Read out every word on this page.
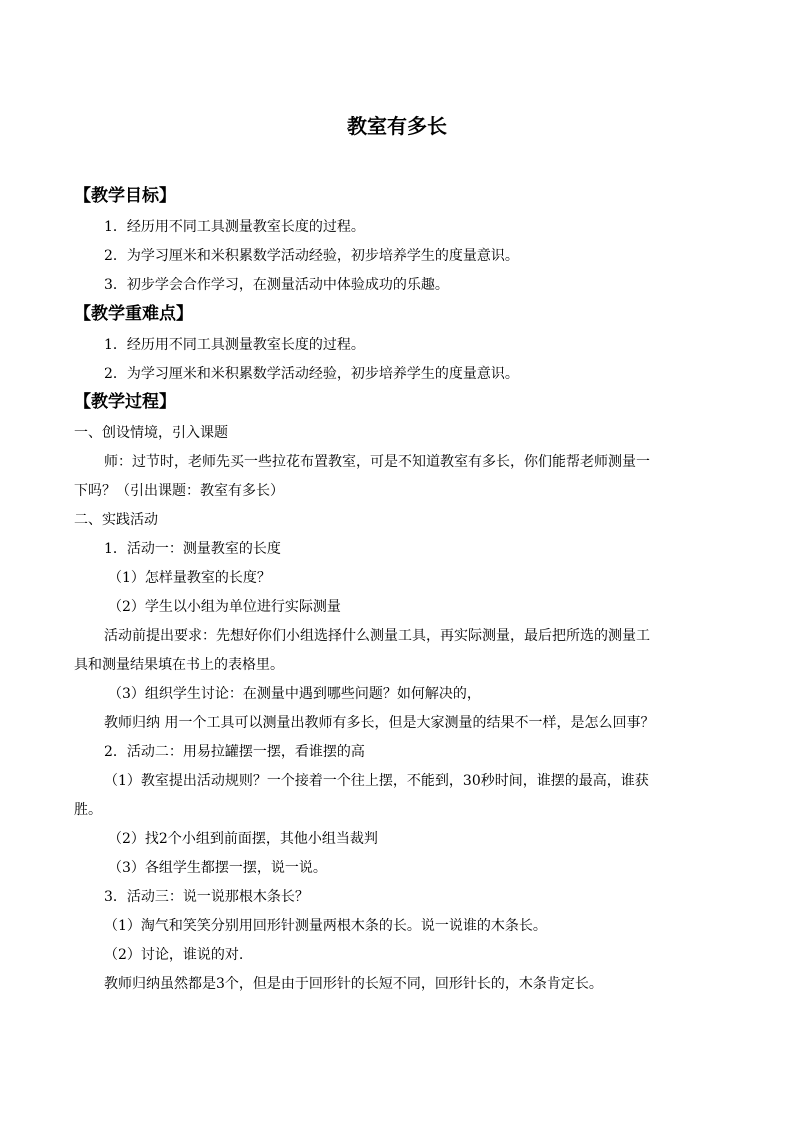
教室有多长
【教学目标】
1．经历用不同工具测量教室长度的过程。
2．为学习厘米和米积累数学活动经验，初步培养学生的度量意识。
3．初步学会合作学习，在测量活动中体验成功的乐趣。
【教学重难点】
1．经历用不同工具测量教室长度的过程。
2．为学习厘米和米积累数学活动经验，初步培养学生的度量意识。
【教学过程】
一、创设情境，引入课题
师：过节时，老师先买一些拉花布置教室，可是不知道教室有多长，你们能帮老师测量一
下吗？（引出课题：教室有多长）
二、实践活动
1．活动一：测量教室的长度
（1）怎样量教室的长度？
（2）学生以小组为单位进行实际测量
活动前提出要求：先想好你们小组选择什么测量工具，再实际测量，最后把所选的测量工
具和测量结果填在书上的表格里。
（3）组织学生讨论：在测量中遇到哪些问题？如何解决的，
教师归纳 用一个工具可以测量出教师有多长，但是大家测量的结果不一样，是怎么回事？
2．活动二：用易拉罐摆一摆，看谁摆的高
（1）教室提出活动规则？一个接着一个往上摆，不能到，30秒时间，谁摆的最高，谁获
胜。
（2）找2个小组到前面摆，其他小组当裁判
（3）各组学生都摆一摆，说一说。
3．活动三：说一说那根木条长？
（1）淘气和笑笑分别用回形针测量两根木条的长。说一说谁的木条长。
（2）讨论，谁说的对.
教师归纳虽然都是3个，但是由于回形针的长短不同，回形针长的，木条肯定长。
